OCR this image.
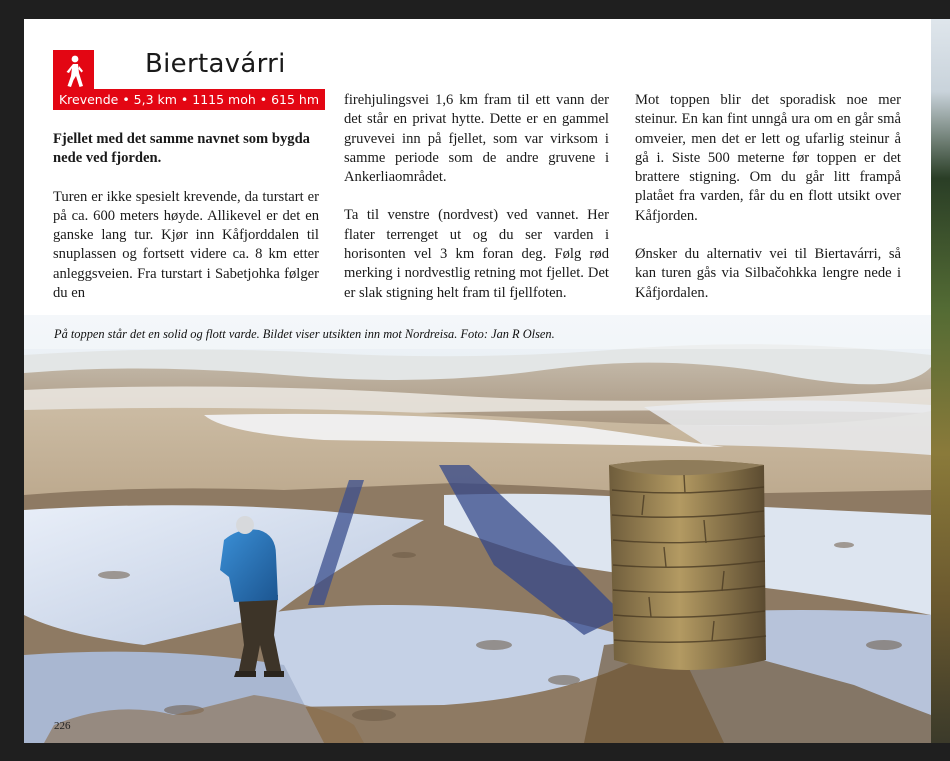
Biertavárri
Krevende • 5,3 km • 1115 moh • 615 hm

Fjellet med det samme navnet som bygda nede ved fjorden.

Turen er ikke spesielt krevende, da turstart er på ca. 600 meters høyde. Allikevel er det en ganske lang tur. Kjør inn Kåfjorddalen til snuplassen og fortsett videre ca. 8 km etter anleggsveien. Fra turstart i Sabetjohka følger du en

firehjulingsvei 1,6 km fram til ett vann der det står en privat hytte. Dette er en gammel gruvevei inn på fjellet, som var virksom i samme periode som de andre gruvene i Ankerliaområdet.

Ta til venstre (nordvest) ved vannet. Her flater terrenget ut og du ser varden i horisonten vel 3 km foran deg. Følg rød merking i nordvestlig retning mot fjellet. Det er slak stigning helt fram til fjellfoten.

Mot toppen blir det sporadisk noe mer steinur. En kan fint unngå ura om en går små omveier, men det er lett og ufarlig steinur å gå i. Siste 500 meterne før toppen er det brattere stigning. Om du går litt frampå platået fra varden, får du en flott utsikt over Kåfjorden.

Ønsker du alternativ vei til Biertavárri, så kan turen gås via Silbačohkka lengre nede i Kåfjordalen.

På toppen står det en solid og flott varde. Bildet viser utsikten inn mot Nordreisa. Foto: Jan R Olsen.
226
